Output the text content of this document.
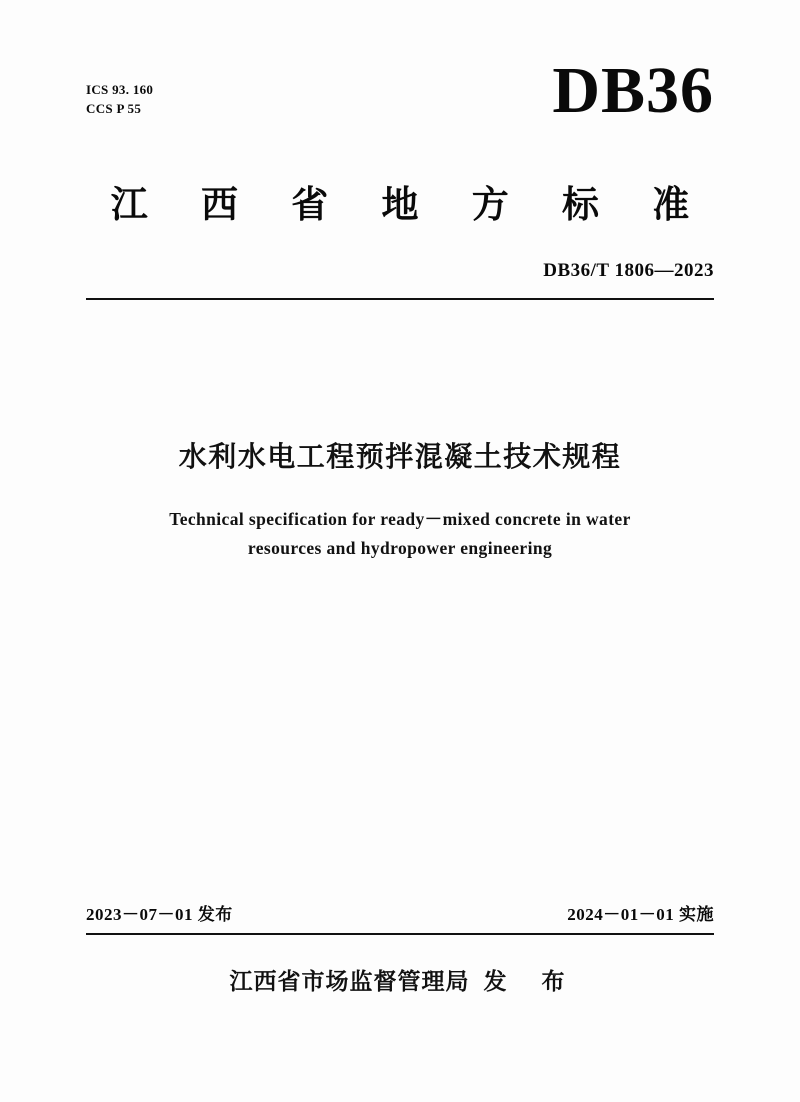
ICS 93. 160
CCS P 55	DB36
江 西 省 地 方 标 准
DB36/T 1806—2023
水利水电工程预拌混凝土技术规程
Technical specification for ready－mixed concrete in water
resources and hydropower engineering
2023－07－01 发布	2024－01－01 实施
江西省市场监督管理局 发　布
